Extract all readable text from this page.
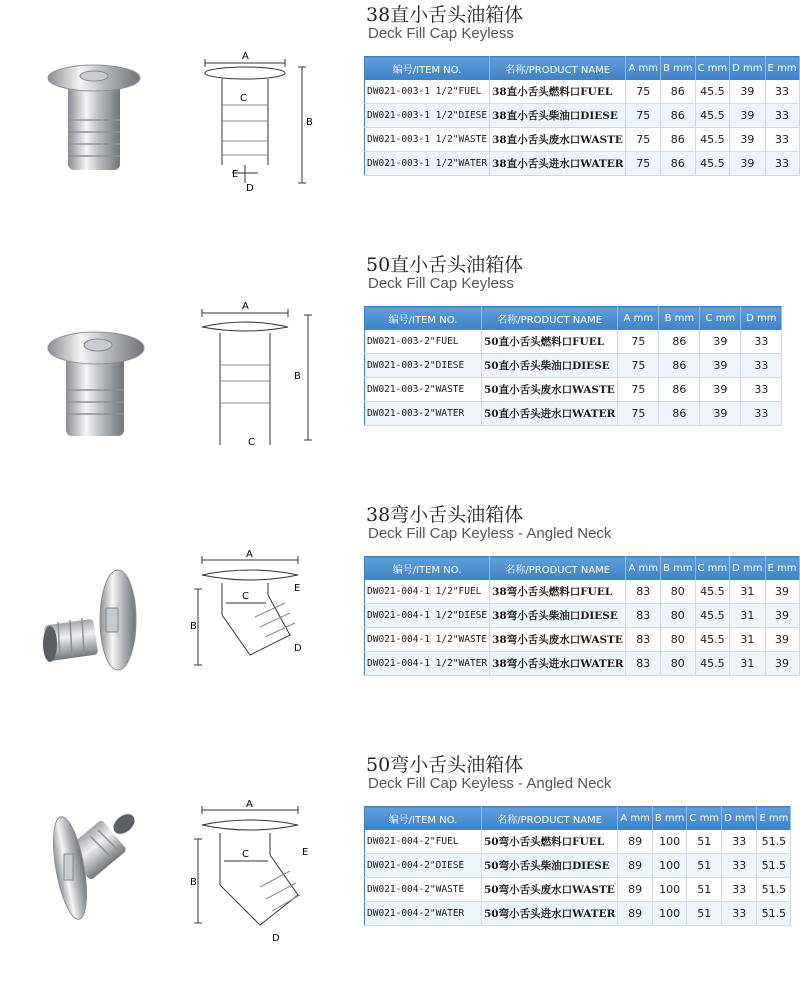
38直小舌头油箱体
Deck Fill Cap Keyless
A
B
C
D
E
编号/ITEM NO.	名称/PRODUCT NAME	A mm	B mm	C mm	D mm	E mm
DW021-003-1 1/2"FUEL	38直小舌头燃料口FUEL	75	86	45.5	39	33
DW021-003-1 1/2"DIESE	38直小舌头柴油口DIESE	75	86	45.5	39	33
DW021-003-1 1/2"WASTE	38直小舌头废水口WASTE	75	86	45.5	39	33
DW021-003-1 1/2"WATER	38直小舌头进水口WATER	75	86	45.5	39	33
50直小舌头油箱体
Deck Fill Cap Keyless
A
B
C
编号/ITEM NO.	名称/PRODUCT NAME	A mm	B mm	C mm	D mm
DW021-003-2"FUEL	50直小舌头燃料口FUEL	75	86	39	33
DW021-003-2"DIESE	50直小舌头柴油口DIESE	75	86	39	33
DW021-003-2"WASTE	50直小舌头废水口WASTE	75	86	39	33
DW021-003-2"WATER	50直小舌头进水口WATER	75	86	39	33
38弯小舌头油箱体
Deck Fill Cap Keyless - Angled Neck
A
B
C
D
E
编号/ITEM NO.	名称/PRODUCT NAME	A mm	B mm	C mm	D mm	E mm
DW021-004-1 1/2"FUEL	38弯小舌头燃料口FUEL	83	80	45.5	31	39
DW021-004-1 1/2"DIESE	38弯小舌头柴油口DIESE	83	80	45.5	31	39
DW021-004-1 1/2"WASTE	38弯小舌头废水口WASTE	83	80	45.5	31	39
DW021-004-1 1/2"WATER	38弯小舌头进水口WATER	83	80	45.5	31	39
50弯小舌头油箱体
Deck Fill Cap Keyless - Angled Neck
A
B
C
D
E
编号/ITEM NO.	名称/PRODUCT NAME	A mm	B mm	C mm	D mm	E mm
DW021-004-2"FUEL	50弯小舌头燃料口FUEL	89	100	51	33	51.5
DW021-004-2"DIESE	50弯小舌头柴油口DIESE	89	100	51	33	51.5
DW021-004-2"WASTE	50弯小舌头废水口WASTE	89	100	51	33	51.5
DW021-004-2"WATER	50弯小舌头进水口WATER	89	100	51	33	51.5
